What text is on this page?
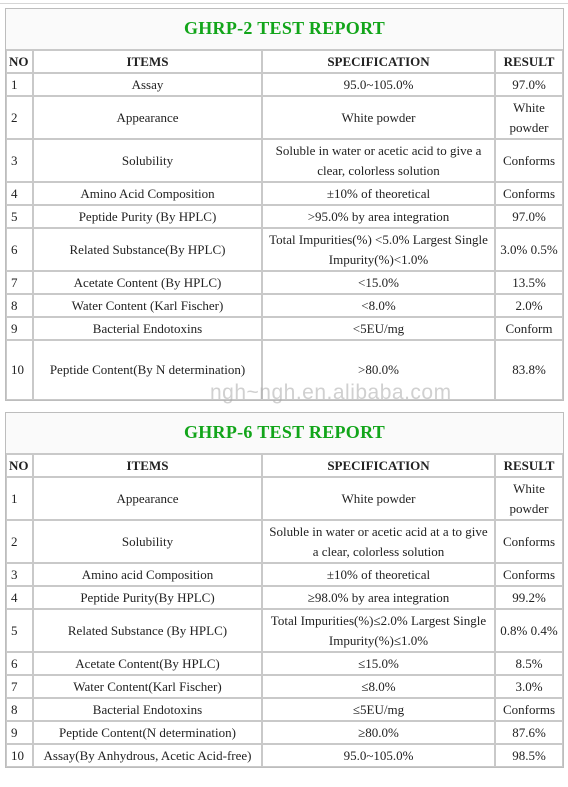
GHRP-2 TEST REPORT			
NO	ITEMS	SPECIFICATION	RESULT
1	Assay	95.0~105.0%	97.0%
2	Appearance	White powder	White powder
3	Solubility	Soluble in water or acetic acid to give a clear, colorless solution	Conforms
4	Amino Acid Composition	±10% of theoretical	Conforms
5	Peptide Purity (By HPLC)	>95.0% by area integration	97.0%
6	Related Substance(By HPLC)	Total Impurities(%) <5.0% Largest Single Impurity(%)<1.0%	3.0% 0.5%
7	Acetate Content (By HPLC)	<15.0%	13.5%
8	Water Content (Karl Fischer)	<8.0%	2.0%
9	Bacterial Endotoxins	<5EU/mg	Conform
10	Peptide Content(By N determination)	>80.0%	83.8%
GHRP-6 TEST REPORT			
NO	ITEMS	SPECIFICATION	RESULT
1	Appearance	White powder	White powder
2	Solubility	Soluble in water or acetic acid at a to give a clear, colorless solution	Conforms
3	Amino acid Composition	±10% of theoretical	Conforms
4	Peptide Purity(By HPLC)	≥98.0% by area integration	99.2%
5	Related Substance (By HPLC)	Total Impurities(%)≤2.0% Largest Single Impurity(%)≤1.0%	0.8% 0.4%
6	Acetate Content(By HPLC)	≤15.0%	8.5%
7	Water Content(Karl Fischer)	≤8.0%	3.0%
8	Bacterial Endotoxins	≤5EU/mg	Conforms
9	Peptide Content(N determination)	≥80.0%	87.6%
10	Assay(By Anhydrous, Acetic Acid-free)	95.0~105.0%	98.5%
ngh~ngh.en.alibaba.com
